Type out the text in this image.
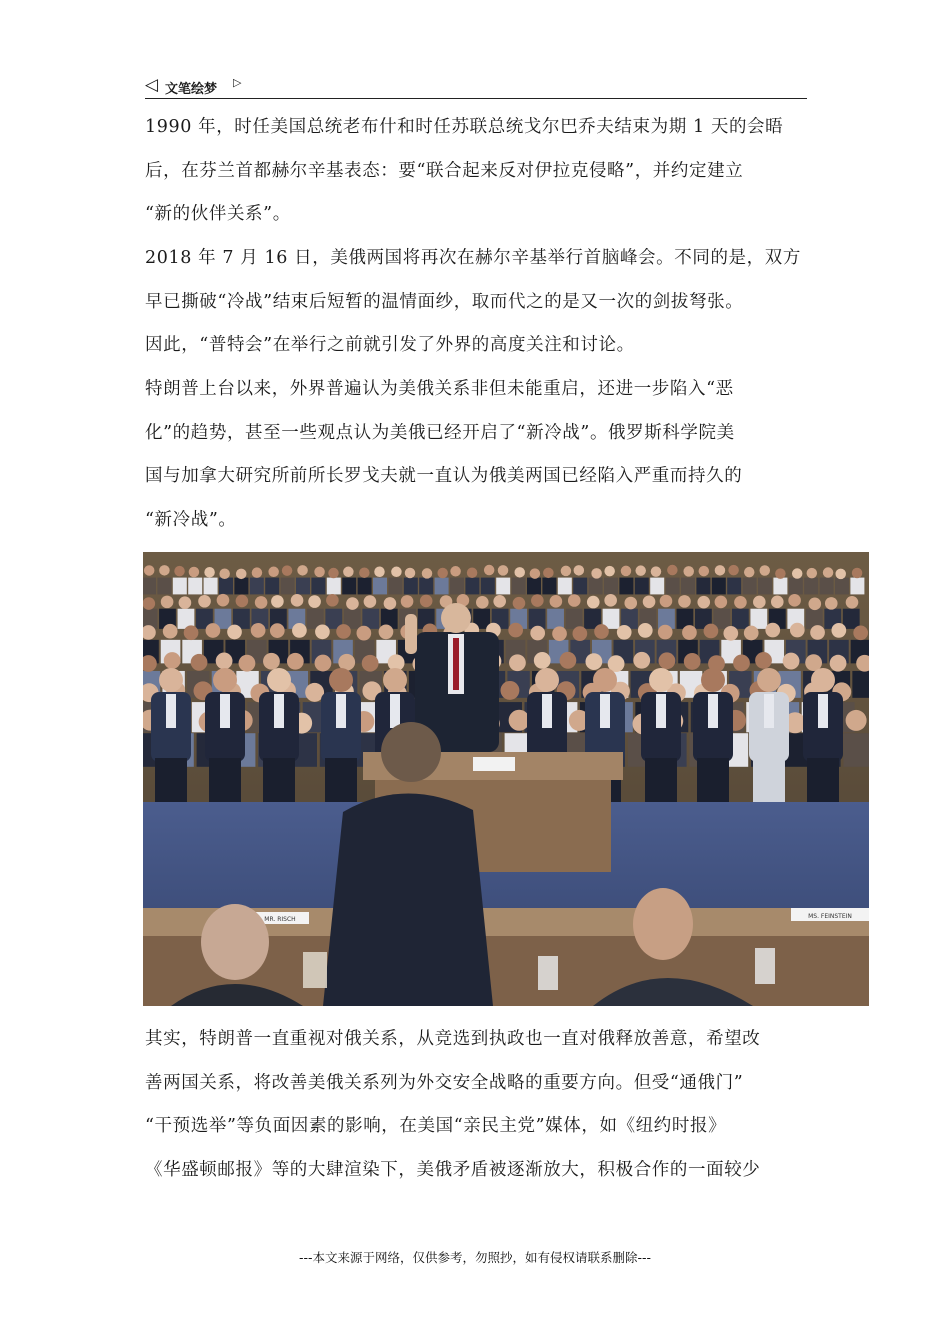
◁ 文笔绘梦 ▷
1990 年，时任美国总统老布什和时任苏联总统戈尔巴乔夫结束为期 1 天的会晤
后，在芬兰首都赫尔辛基表态：要“联合起来反对伊拉克侵略”，并约定建立
“新的伙伴关系”。
2018 年 7 月 16 日，美俄两国将再次在赫尔辛基举行首脑峰会。不同的是，双方
早已撕破“冷战”结束后短暂的温情面纱，取而代之的是又一次的剑拔弩张。
因此，“普特会”在举行之前就引发了外界的高度关注和讨论。
特朗普上台以来，外界普遍认为美俄关系非但未能重启，还进一步陷入“恶
化”的趋势，甚至一些观点认为美俄已经开启了“新冷战”。俄罗斯科学院美
国与加拿大研究所前所长罗戈夫就一直认为俄美两国已经陷入严重而持久的
“新冷战”。
MR. RISCH	MS. FEINSTEIN
其实，特朗普一直重视对俄关系，从竞选到执政也一直对俄释放善意，希望改
善两国关系，将改善美俄关系列为外交安全战略的重要方向。但受“通俄门”
“干预选举”等负面因素的影响，在美国“亲民主党”媒体，如《纽约时报》
《华盛顿邮报》等的大肆渲染下，美俄矛盾被逐渐放大，积极合作的一面较少
---本文来源于网络，仅供参考，勿照抄，如有侵权请联系删除---
